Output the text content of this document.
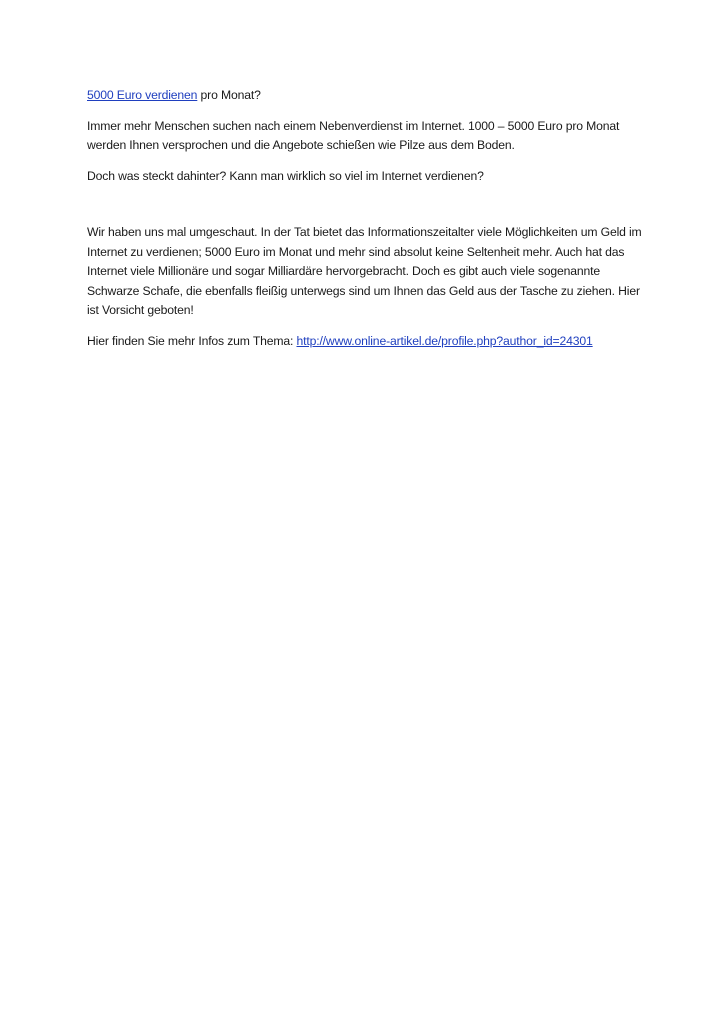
5000 Euro verdienen pro Monat?

Immer mehr Menschen suchen nach einem Nebenverdienst im Internet. 1000 – 5000 Euro pro Monat werden Ihnen versprochen und die Angebote schießen wie Pilze aus dem Boden.

Doch was steckt dahinter? Kann man wirklich so viel im Internet verdienen?

Wir haben uns mal umgeschaut. In der Tat bietet das Informationszeitalter viele Möglichkeiten um Geld im Internet zu verdienen; 5000 Euro im Monat und mehr sind absolut keine Seltenheit mehr. Auch hat das Internet viele Millionäre und sogar Milliardäre hervorgebracht. Doch es gibt auch viele sogenannte Schwarze Schafe, die ebenfalls fleißig unterwegs sind um Ihnen das Geld aus der Tasche zu ziehen. Hier ist Vorsicht geboten!

Hier finden Sie mehr Infos zum Thema: http://www.online-artikel.de/profile.php?author_id=24301
